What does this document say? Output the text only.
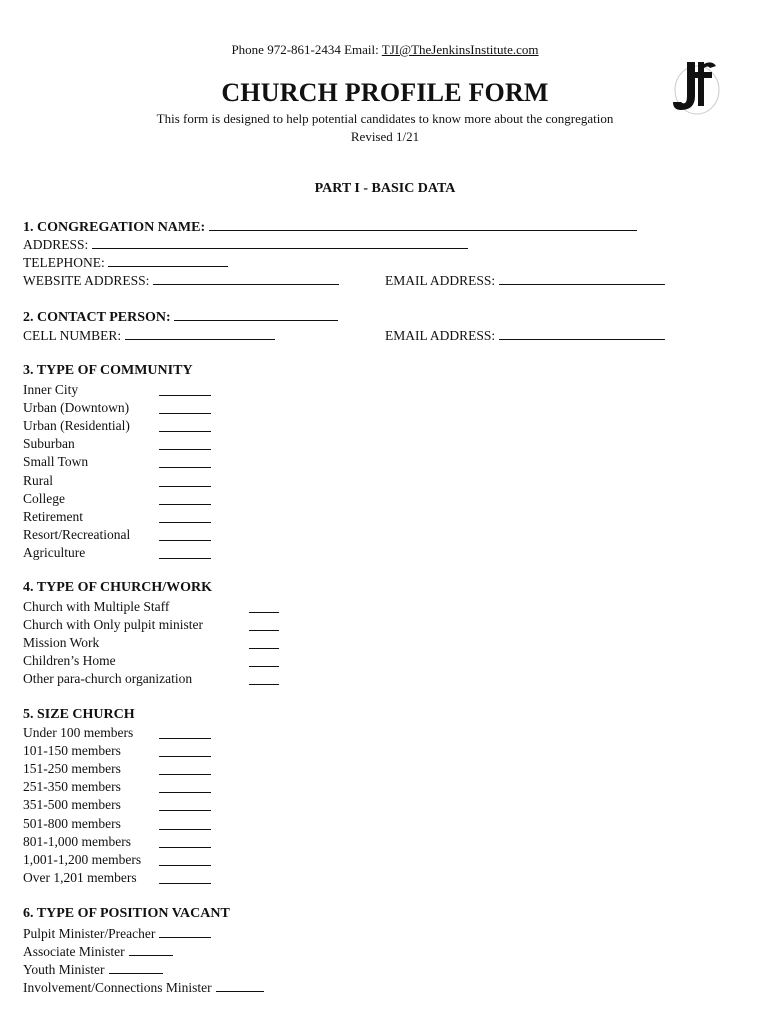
Phone 972-861-2434 Email: TJI@TheJenkinsInstitute.com
CHURCH PROFILE FORM
This form is designed to help potential candidates to know more about the congregation
Revised 1/21
PART I - BASIC DATA
1. CONGREGATION NAME:
ADDRESS:
TELEPHONE:
WEBSITE ADDRESS:	EMAIL ADDRESS:
2. CONTACT PERSON:
CELL NUMBER:	EMAIL ADDRESS:
3. TYPE OF COMMUNITY
Inner City
Urban (Downtown)
Urban (Residential)
Suburban
Small Town
Rural
College
Retirement
Resort/Recreational
Agriculture
4. TYPE OF CHURCH/WORK
Church with Multiple Staff
Church with Only pulpit minister
Mission Work
Children’s Home
Other para-church organization
5. SIZE CHURCH
Under 100 members
101-150 members
151-250 members
251-350 members
351-500 members
501-800 members
801-1,000 members
1,001-1,200 members
Over 1,201 members
6. TYPE OF POSITION VACANT
Pulpit Minister/Preacher
Associate Minister
Youth Minister
Involvement/Connections Minister
